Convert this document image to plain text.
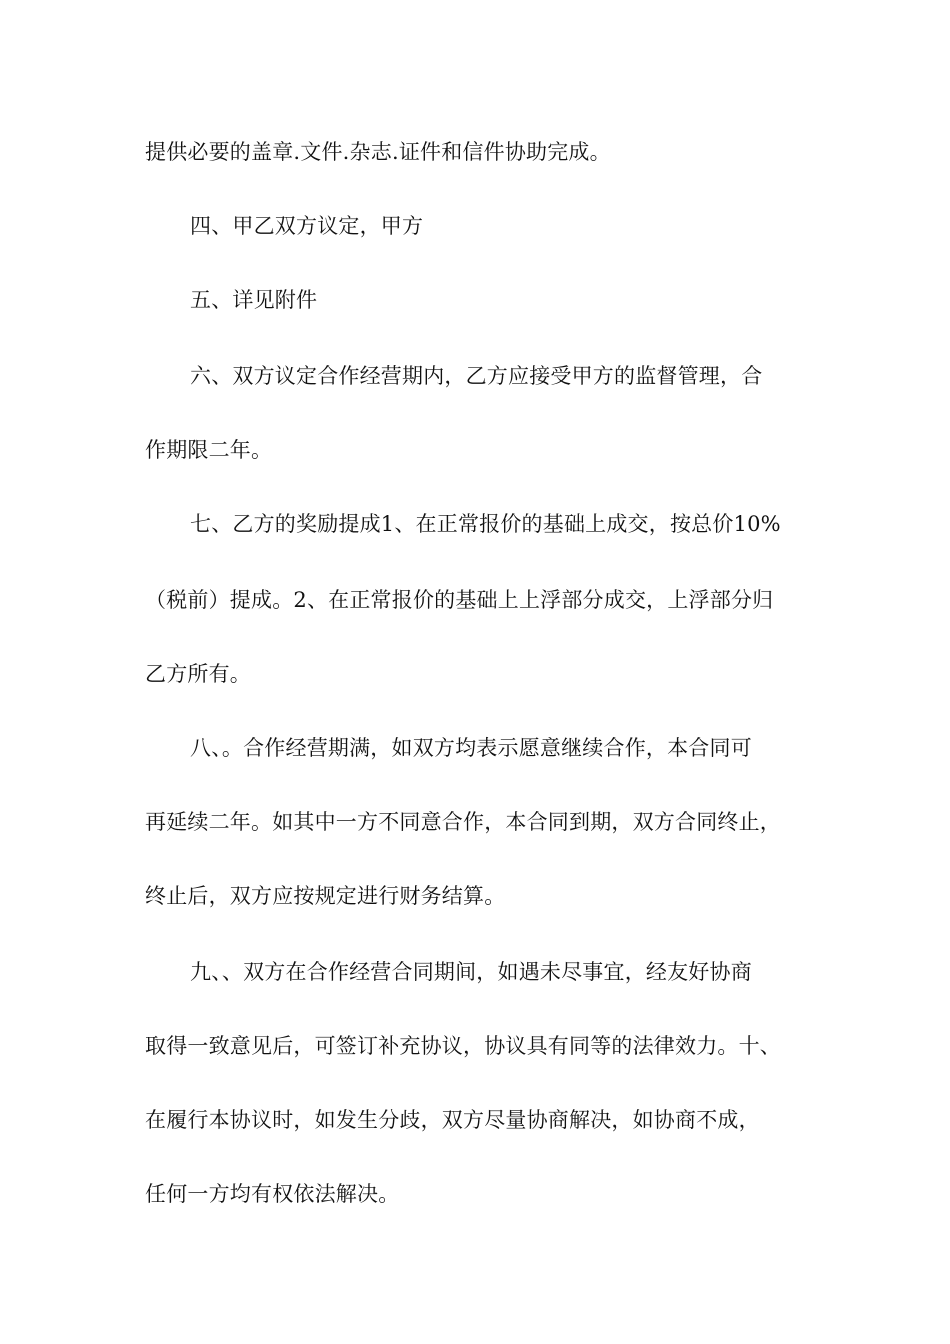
提供必要的盖章.文件.杂志.证件和信件协助完成。
四、甲乙双方议定，甲方
五、详见附件
六、双方议定合作经营期内，乙方应接受甲方的监督管理，合
作期限二年。
七、乙方的奖励提成1、在正常报价的基础上成交，按总价10%
（税前）提成。2、在正常报价的基础上上浮部分成交，上浮部分归
乙方所有。
八、。合作经营期满，如双方均表示愿意继续合作，本合同可
再延续二年。如其中一方不同意合作，本合同到期，双方合同终止，
终止后，双方应按规定进行财务结算。
九、、双方在合作经营合同期间，如遇未尽事宜，经友好协商
取得一致意见后，可签订补充协议，协议具有同等的法律效力。十、
在履行本协议时，如发生分歧，双方尽量协商解决，如协商不成，
任何一方均有权依法解决。
